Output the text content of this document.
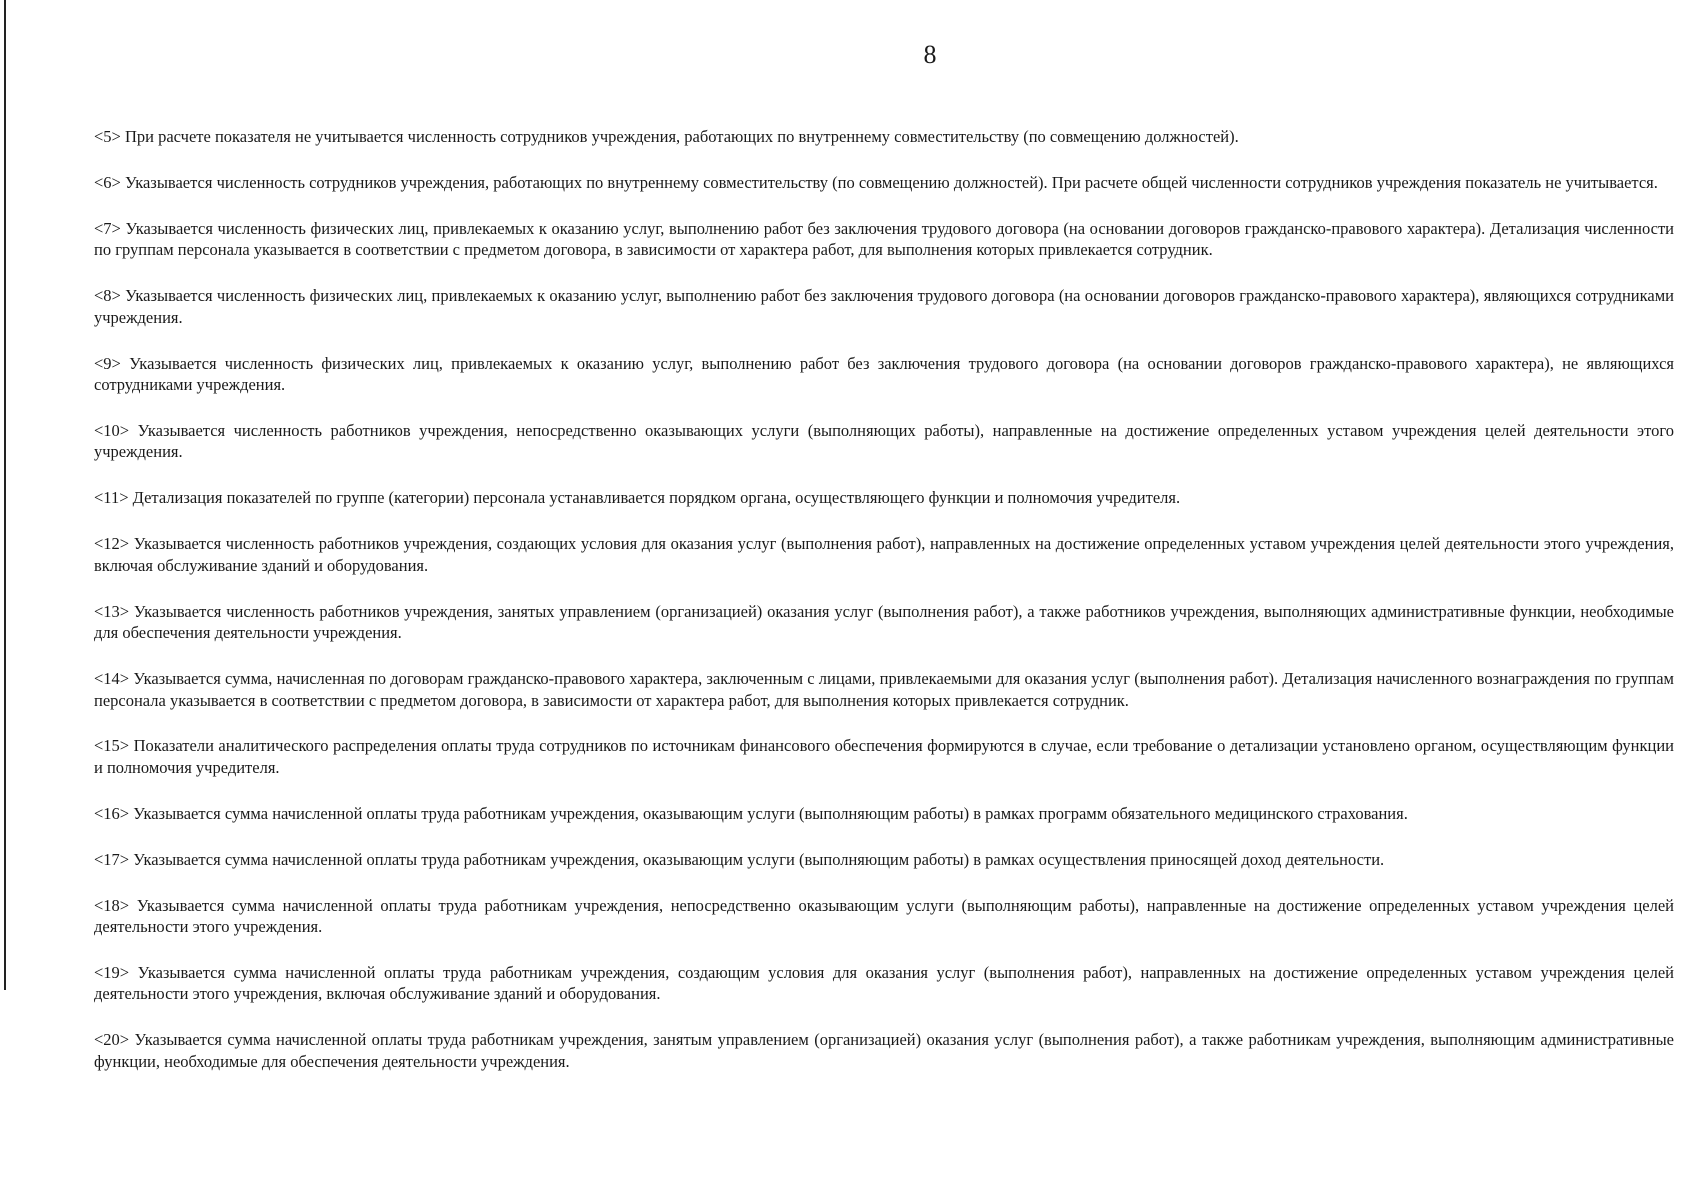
8

<5> При расчете показателя не учитывается численность сотрудников учреждения, работающих по внутреннему совместительству (по совмещению должностей).

<6> Указывается численность сотрудников учреждения, работающих по внутреннему совместительству (по совмещению должностей). При расчете общей численности сотрудников учреждения показатель не учитывается.

<7> Указывается численность физических лиц, привлекаемых к оказанию услуг, выполнению работ без заключения трудового договора (на основании договоров гражданско-правового характера). Детализация численности по группам персонала указывается в соответствии с предметом договора, в зависимости от характера работ, для выполнения которых привлекается сотрудник.

<8> Указывается численность физических лиц, привлекаемых к оказанию услуг, выполнению работ без заключения трудового договора (на основании договоров гражданско-правового характера), являющихся сотрудниками учреждения.

<9> Указывается численность физических лиц, привлекаемых к оказанию услуг, выполнению работ без заключения трудового договора (на основании договоров гражданско-правового характера), не являющихся сотрудниками учреждения.

<10> Указывается численность работников учреждения, непосредственно оказывающих услуги (выполняющих работы), направленные на достижение определенных уставом учреждения целей деятельности этого учреждения.

<11> Детализация показателей по группе (категории) персонала устанавливается порядком органа, осуществляющего функции и полномочия учредителя.

<12> Указывается численность работников учреждения, создающих условия для оказания услуг (выполнения работ), направленных на достижение определенных уставом учреждения целей деятельности этого учреждения, включая обслуживание зданий и оборудования.

<13> Указывается численность работников учреждения, занятых управлением (организацией) оказания услуг (выполнения работ), а также работников учреждения, выполняющих административные функции, необходимые для обеспечения деятельности учреждения.

<14> Указывается сумма, начисленная по договорам гражданско-правового характера, заключенным с лицами, привлекаемыми для оказания услуг (выполнения работ). Детализация начисленного вознаграждения по группам персонала указывается в соответствии с предметом договора, в зависимости от характера работ, для выполнения которых привлекается сотрудник.

<15> Показатели аналитического распределения оплаты труда сотрудников по источникам финансового обеспечения формируются в случае, если требование о детализации установлено органом, осуществляющим функции и полномочия учредителя.

<16> Указывается сумма начисленной оплаты труда работникам учреждения, оказывающим услуги (выполняющим работы) в рамках программ обязательного медицинского страхования.

<17> Указывается сумма начисленной оплаты труда работникам учреждения, оказывающим услуги (выполняющим работы) в рамках осуществления приносящей доход деятельности.

<18> Указывается сумма начисленной оплаты труда работникам учреждения, непосредственно оказывающим услуги (выполняющим работы), направленные на достижение определенных уставом учреждения целей деятельности этого учреждения.

<19> Указывается сумма начисленной оплаты труда работникам учреждения, создающим условия для оказания услуг (выполнения работ), направленных на достижение определенных уставом учреждения целей деятельности этого учреждения, включая обслуживание зданий и оборудования.

<20> Указывается сумма начисленной оплаты труда работникам учреждения, занятым управлением (организацией) оказания услуг (выполнения работ), а также работникам учреждения, выполняющим административные функции, необходимые для обеспечения деятельности учреждения.
